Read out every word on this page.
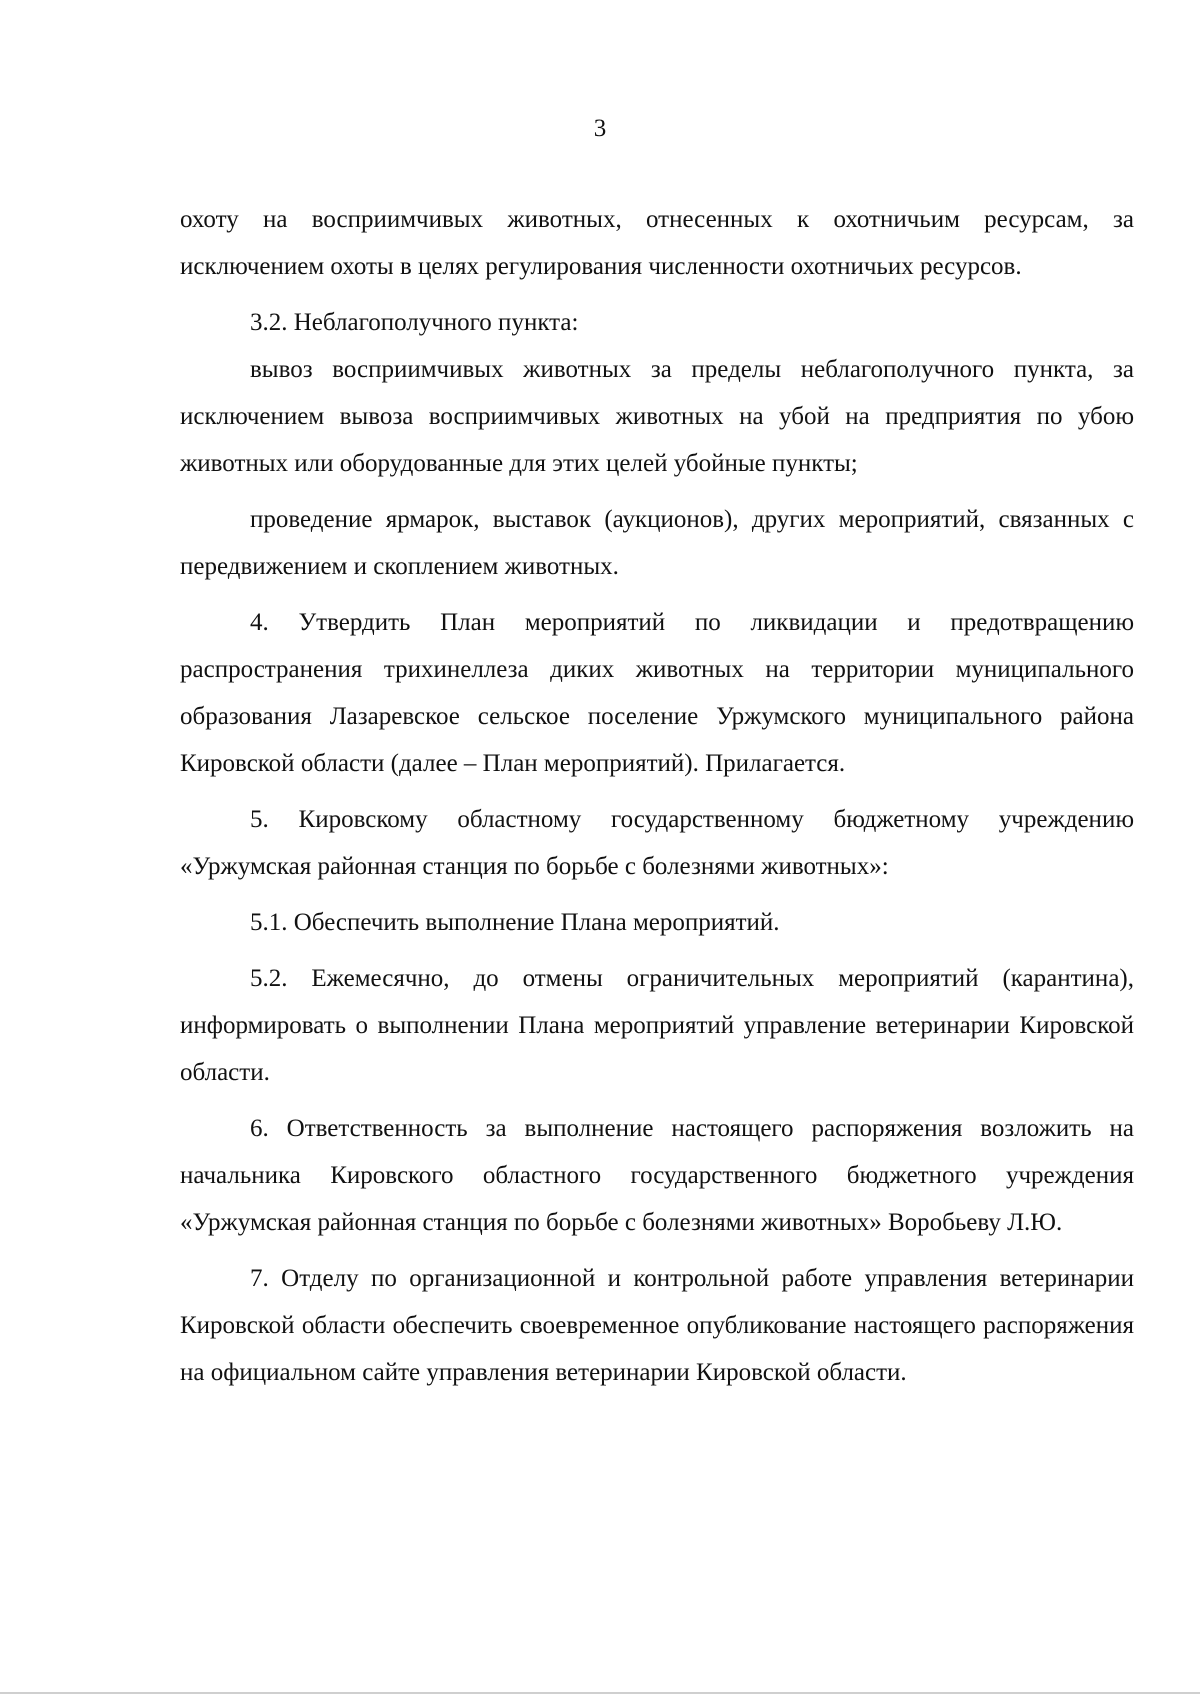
3

охоту на восприимчивых животных, отнесенных к охотничьим ресурсам, за исключением охоты в целях регулирования численности охотничьих ресурсов.

3.2. Неблагополучного пункта:

вывоз восприимчивых животных за пределы неблагополучного пункта, за исключением вывоза восприимчивых животных на убой на предприятия по убою животных или оборудованные для этих целей убойные пункты;

проведение ярмарок, выставок (аукционов), других мероприятий, связанных с передвижением и скоплением животных.

4. Утвердить План мероприятий по ликвидации и предотвращению распространения трихинеллеза диких животных на территории муниципального образования Лазаревское сельское поселение Уржумского муниципального района Кировской области (далее – План мероприятий). Прилагается.

5. Кировскому областному государственному бюджетному учреждению «Уржумская районная станция по борьбе с болезнями животных»:

5.1. Обеспечить выполнение Плана мероприятий.

5.2. Ежемесячно, до отмены ограничительных мероприятий (карантина), информировать о выполнении Плана мероприятий управление ветеринарии Кировской области.

6. Ответственность за выполнение настоящего распоряжения возложить на начальника Кировского областного государственного бюджетного учреждения «Уржумская районная станция по борьбе с болезнями животных» Воробьеву Л.Ю.

7. Отделу по организационной и контрольной работе управления ветеринарии Кировской области обеспечить своевременное опубликование настоящего распоряжения на официальном сайте управления ветеринарии Кировской области.
